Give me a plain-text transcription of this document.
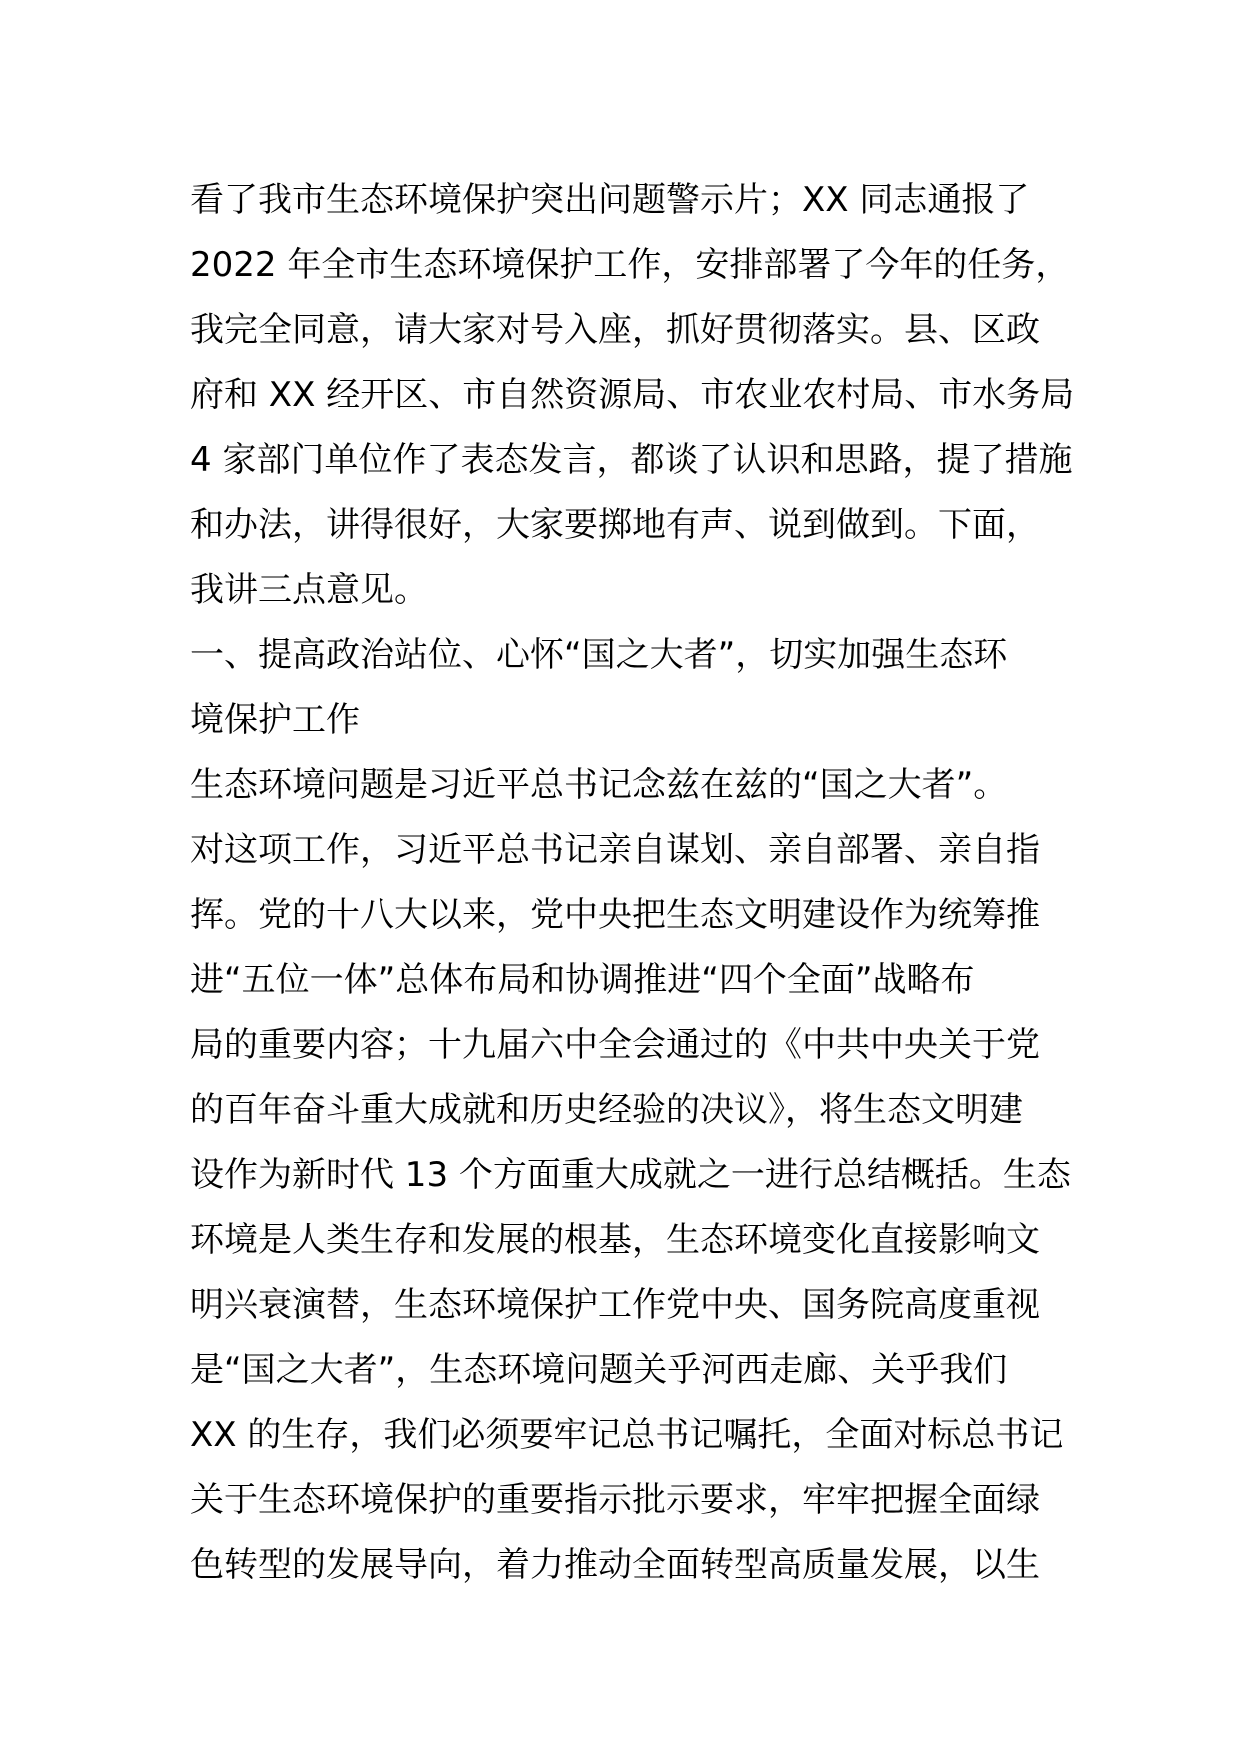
看了我市生态环境保护突出问题警示片；XX 同志通报了
2022 年全市生态环境保护工作，安排部署了今年的任务，
我完全同意，请大家对号入座，抓好贯彻落实。县、区政
府和 XX 经开区、市自然资源局、市农业农村局、市水务局
4 家部门单位作了表态发言，都谈了认识和思路，提了措施
和办法，讲得很好，大家要掷地有声、说到做到。下面，
我讲三点意见。
一、提高政治站位、心怀“国之大者”，切实加强生态环
境保护工作
生态环境问题是习近平总书记念兹在兹的“国之大者”。
对这项工作，习近平总书记亲自谋划、亲自部署、亲自指
挥。党的十八大以来，党中央把生态文明建设作为统筹推
进“五位一体”总体布局和协调推进“四个全面”战略布
局的重要内容；十九届六中全会通过的《中共中央关于党
的百年奋斗重大成就和历史经验的决议》，将生态文明建
设作为新时代 13 个方面重大成就之一进行总结概括。生态
环境是人类生存和发展的根基，生态环境变化直接影响文
明兴衰演替，生态环境保护工作党中央、国务院高度重视
是“国之大者”，生态环境问题关乎河西走廊、关乎我们
XX 的生存，我们必须要牢记总书记嘱托，全面对标总书记
关于生态环境保护的重要指示批示要求，牢牢把握全面绿
色转型的发展导向，着力推动全面转型高质量发展，以生
